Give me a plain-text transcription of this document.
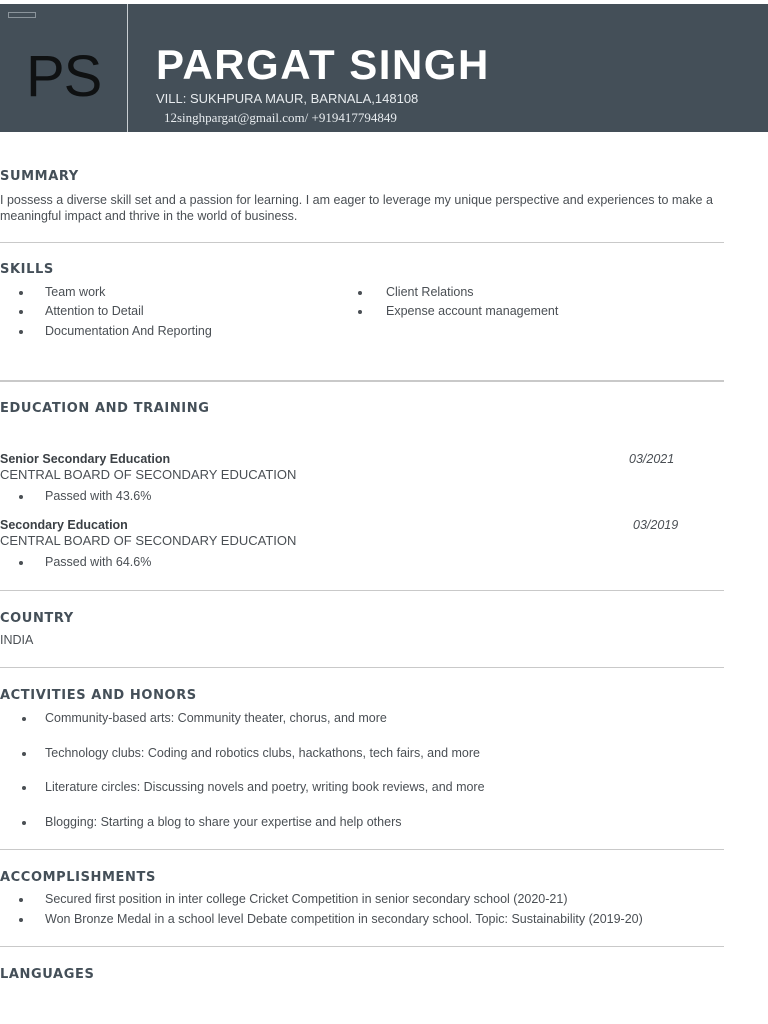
PS PARGAT SINGH
VILL: SUKHPURA MAUR, BARNALA,148108
12singhpargat@gmail.com/ +919417794849
SUMMARY
I possess a diverse skill set and a passion for learning. I am eager to leverage my unique perspective and experiences to make a
meaningful impact and thrive in the world of business.
SKILLS
Team work
Attention to Detail
Documentation And Reporting
Client Relations
Expense account management
EDUCATION AND TRAINING
Senior Secondary Education	03/2021
CENTRAL BOARD OF SECONDARY EDUCATION
Passed with 43.6%
Secondary Education	03/2019
CENTRAL BOARD OF SECONDARY EDUCATION
Passed with 64.6%
COUNTRY
INDIA
ACTIVITIES AND HONORS
Community-based arts: Community theater, chorus, and more
Technology clubs: Coding and robotics clubs, hackathons, tech fairs, and more
Literature circles: Discussing novels and poetry, writing book reviews, and more
Blogging: Starting a blog to share your expertise and help others
ACCOMPLISHMENTS
Secured first position in inter college Cricket Competition in senior secondary school (2020-21)
Won Bronze Medal in a school level Debate competition in secondary school. Topic: Sustainability (2019-20)
LANGUAGES
